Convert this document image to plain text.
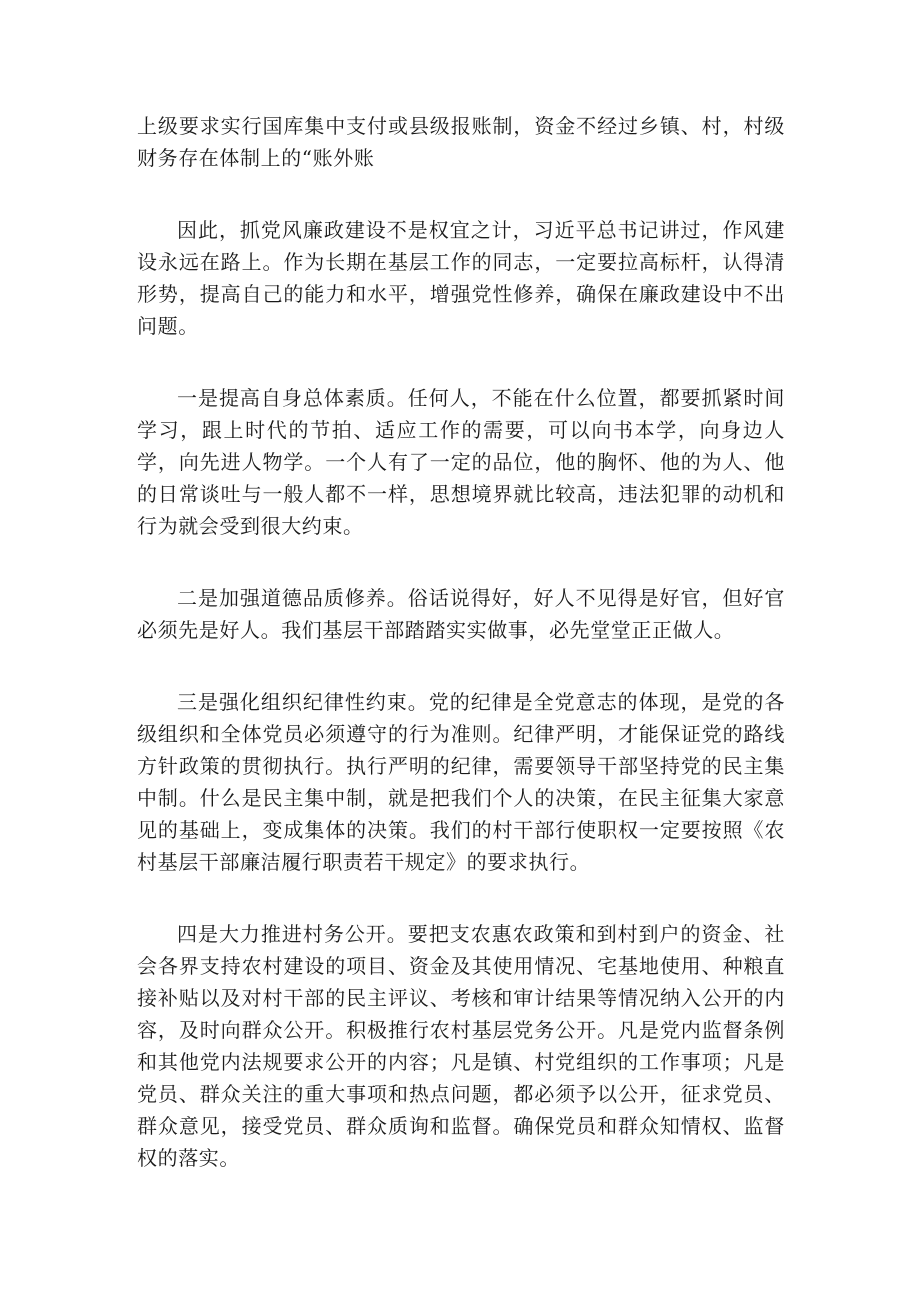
上级要求实行国库集中支付或县级报账制，资金不经过乡镇、村，村级财务存在体制上的“账外账

因此，抓党风廉政建设不是权宜之计，习近平总书记讲过，作风建设永远在路上。作为长期在基层工作的同志，一定要拉高标杆，认得清形势，提高自己的能力和水平，增强党性修养，确保在廉政建设中不出问题。

一是提高自身总体素质。任何人，不能在什么位置，都要抓紧时间学习，跟上时代的节拍、适应工作的需要，可以向书本学，向身边人学，向先进人物学。一个人有了一定的品位，他的胸怀、他的为人、他的日常谈吐与一般人都不一样，思想境界就比较高，违法犯罪的动机和行为就会受到很大约束。

二是加强道德品质修养。俗话说得好，好人不见得是好官，但好官必须先是好人。我们基层干部踏踏实实做事，必先堂堂正正做人。

三是强化组织纪律性约束。党的纪律是全党意志的体现，是党的各级组织和全体党员必须遵守的行为准则。纪律严明，才能保证党的路线方针政策的贯彻执行。执行严明的纪律，需要领导干部坚持党的民主集中制。什么是民主集中制，就是把我们个人的决策，在民主征集大家意见的基础上，变成集体的决策。我们的村干部行使职权一定要按照《农村基层干部廉洁履行职责若干规定》的要求执行。

四是大力推进村务公开。要把支农惠农政策和到村到户的资金、社会各界支持农村建设的项目、资金及其使用情况、宅基地使用、种粮直接补贴以及对村干部的民主评议、考核和审计结果等情况纳入公开的内容，及时向群众公开。积极推行农村基层党务公开。凡是党内监督条例和其他党内法规要求公开的内容；凡是镇、村党组织的工作事项；凡是党员、群众关注的重大事项和热点问题，都必须予以公开，征求党员、群众意见，接受党员、群众质询和监督。确保党员和群众知情权、监督权的落实。
